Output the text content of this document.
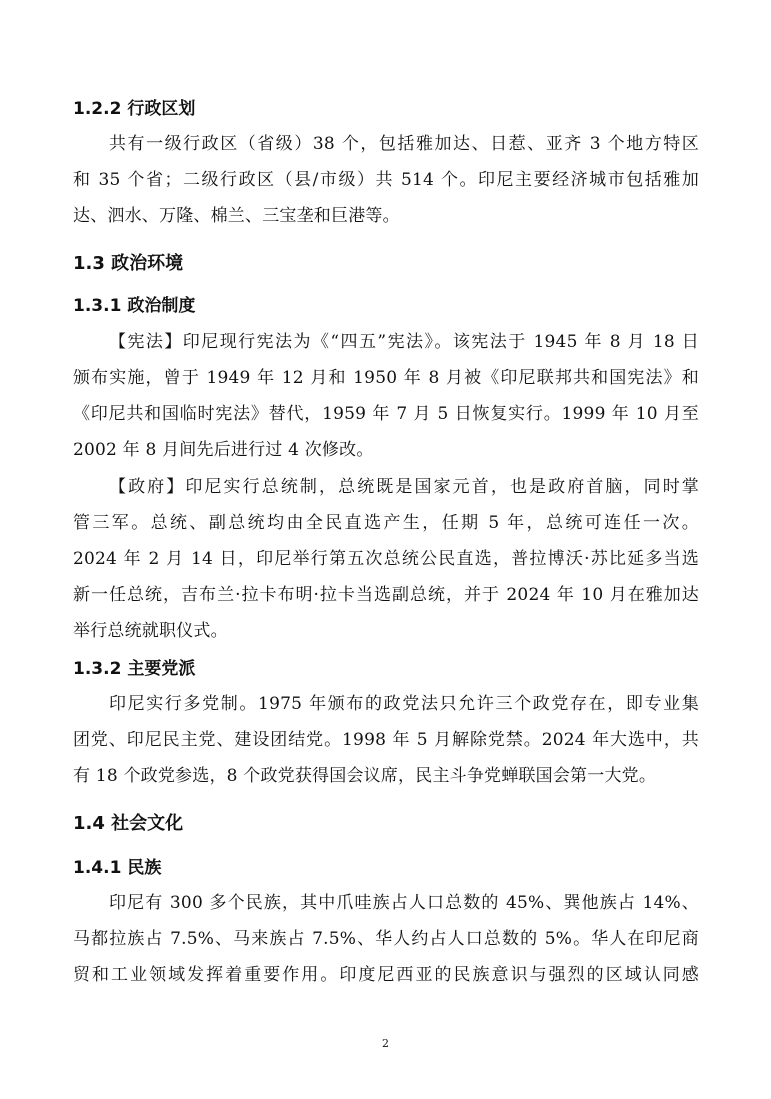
1.2.2 行政区划

共有一级行政区（省级）38 个，包括雅加达、日惹、亚齐 3 个地方特区
和 35 个省；二级行政区（县/市级）共 514 个。印尼主要经济城市包括雅加
达、泗水、万隆、棉兰、三宝垄和巨港等。

1.3 政治环境
1.3.1 政治制度

【宪法】印尼现行宪法为《“四五”宪法》。该宪法于 1945 年 8 月 18 日
颁布实施，曾于 1949 年 12 月和 1950 年 8 月被《印尼联邦共和国宪法》和
《印尼共和国临时宪法》替代，1959 年 7 月 5 日恢复实行。1999 年 10 月至
2002 年 8 月间先后进行过 4 次修改。

【政府】印尼实行总统制，总统既是国家元首，也是政府首脑，同时掌
管三军。总统、副总统均由全民直选产生，任期 5 年，总统可连任一次。
2024 年 2 月 14 日，印尼举行第五次总统公民直选，普拉博沃·苏比延多当选
新一任总统，吉布兰·拉卡布明·拉卡当选副总统，并于 2024 年 10 月在雅加达
举行总统就职仪式。

1.3.2 主要党派

印尼实行多党制。1975 年颁布的政党法只允许三个政党存在，即专业集
团党、印尼民主党、建设团结党。1998 年 5 月解除党禁。2024 年大选中，共
有 18 个政党参选，8 个政党获得国会议席，民主斗争党蝉联国会第一大党。

1.4 社会文化
1.4.1 民族

印尼有 300 多个民族，其中爪哇族占人口总数的 45%、巽他族占 14%、
马都拉族占 7.5%、马来族占 7.5%、华人约占人口总数的 5%。华人在印尼商
贸和工业领域发挥着重要作用。印度尼西亚的民族意识与强烈的区域认同感

2
